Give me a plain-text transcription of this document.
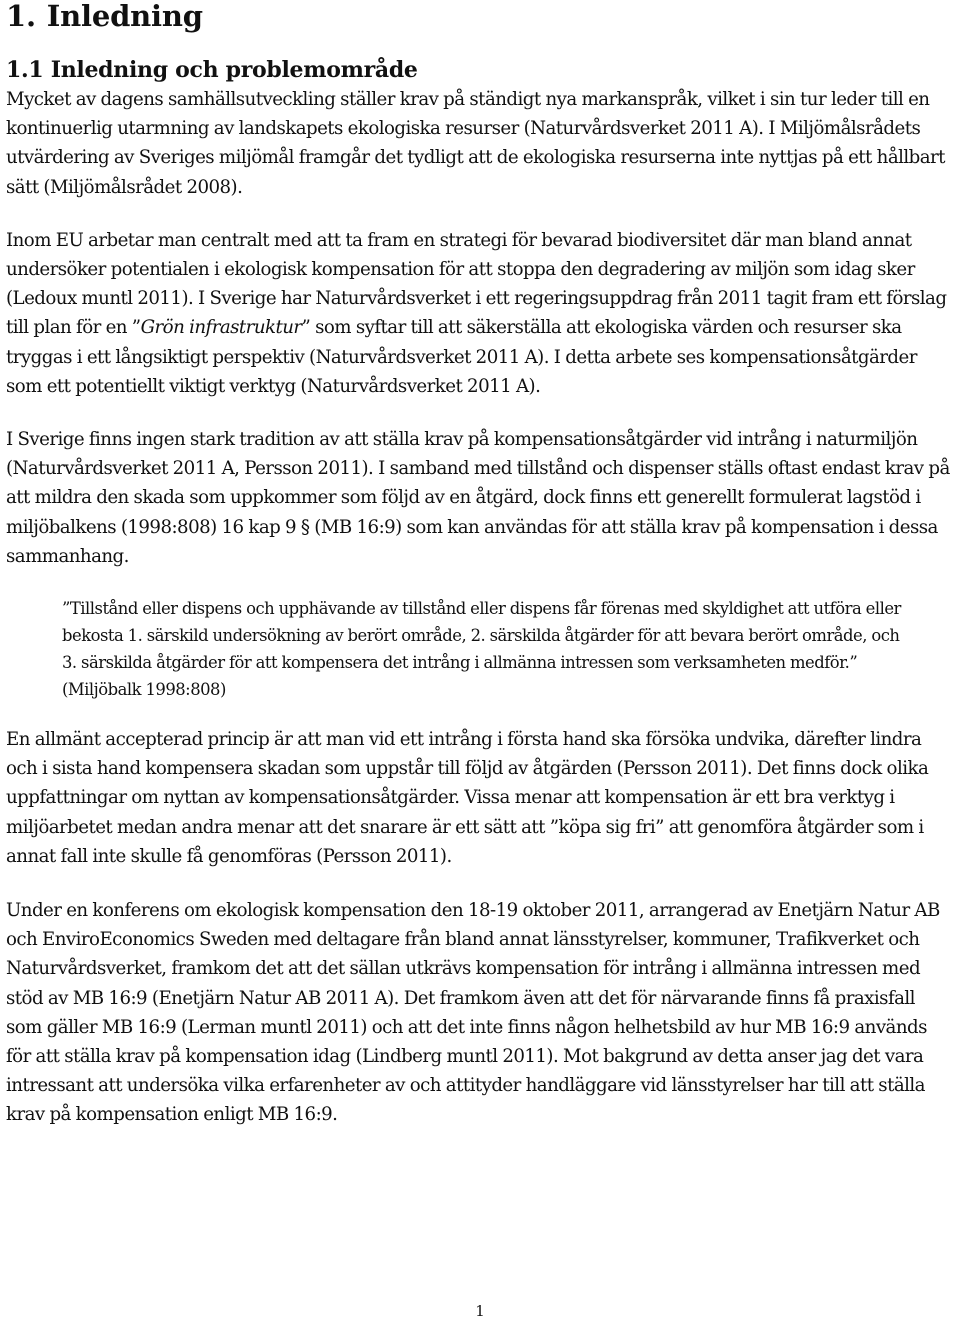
1. Inledning
1.1 Inledning och problemområde

Mycket av dagens samhällsutveckling ställer krav på ständigt nya markanspråk, vilket i sin tur leder till en kontinuerlig utarmning av landskapets ekologiska resurser (Naturvårdsverket 2011 A). I Miljömålsrådets utvärdering av Sveriges miljömål framgår det tydligt att de ekologiska resurserna inte nyttjas på ett hållbart sätt (Miljömålsrådet 2008).

Inom EU arbetar man centralt med att ta fram en strategi för bevarad biodiversitet där man bland annat undersöker potentialen i ekologisk kompensation för att stoppa den degradering av miljön som idag sker (Ledoux muntl 2011). I Sverige har Naturvårdsverket i ett regeringsuppdrag från 2011 tagit fram ett förslag till plan för en ”Grön infrastruktur” som syftar till att säkerställa att ekologiska värden och resurser ska tryggas i ett långsiktigt perspektiv (Naturvårdsverket 2011 A). I detta arbete ses kompensationsåtgärder som ett potentiellt viktigt verktyg (Naturvårdsverket 2011 A).

I Sverige finns ingen stark tradition av att ställa krav på kompensationsåtgärder vid intrång i naturmiljön (Naturvårdsverket 2011 A, Persson 2011). I samband med tillstånd och dispenser ställs oftast endast krav på att mildra den skada som uppkommer som följd av en åtgärd, dock finns ett generellt formulerat lagstöd i miljöbalkens (1998:808) 16 kap 9 § (MB 16:9) som kan användas för att ställa krav på kompensation i dessa sammanhang.

”Tillstånd eller dispens och upphävande av tillstånd eller dispens får förenas med skyldighet att utföra eller bekosta 1. särskild undersökning av berört område, 2. särskilda åtgärder för att bevara berört område, och 3. särskilda åtgärder för att kompensera det intrång i allmänna intressen som verksamheten medför.” (Miljöbalk 1998:808)

En allmänt accepterad princip är att man vid ett intrång i första hand ska försöka undvika, därefter lindra och i sista hand kompensera skadan som uppstår till följd av åtgärden (Persson 2011). Det finns dock olika uppfattningar om nyttan av kompensationsåtgärder. Vissa menar att kompensation är ett bra verktyg i miljöarbetet medan andra menar att det snarare är ett sätt att ”köpa sig fri” att genomföra åtgärder som i annat fall inte skulle få genomföras (Persson 2011).

Under en konferens om ekologisk kompensation den 18-19 oktober 2011, arrangerad av Enetjärn Natur AB och EnviroEconomics Sweden med deltagare från bland annat länsstyrelser, kommuner, Trafikverket och Naturvårdsverket, framkom det att det sällan utkrävs kompensation för intrång i allmänna intressen med stöd av MB 16:9 (Enetjärn Natur AB 2011 A). Det framkom även att det för närvarande finns få praxisfall som gäller MB 16:9 (Lerman muntl 2011) och att det inte finns någon helhetsbild av hur MB 16:9 används för att ställa krav på kompensation idag (Lindberg muntl 2011). Mot bakgrund av detta anser jag det vara intressant att undersöka vilka erfarenheter av och attityder handläggare vid länsstyrelser har till att ställa krav på kompensation enligt MB 16:9.

1
